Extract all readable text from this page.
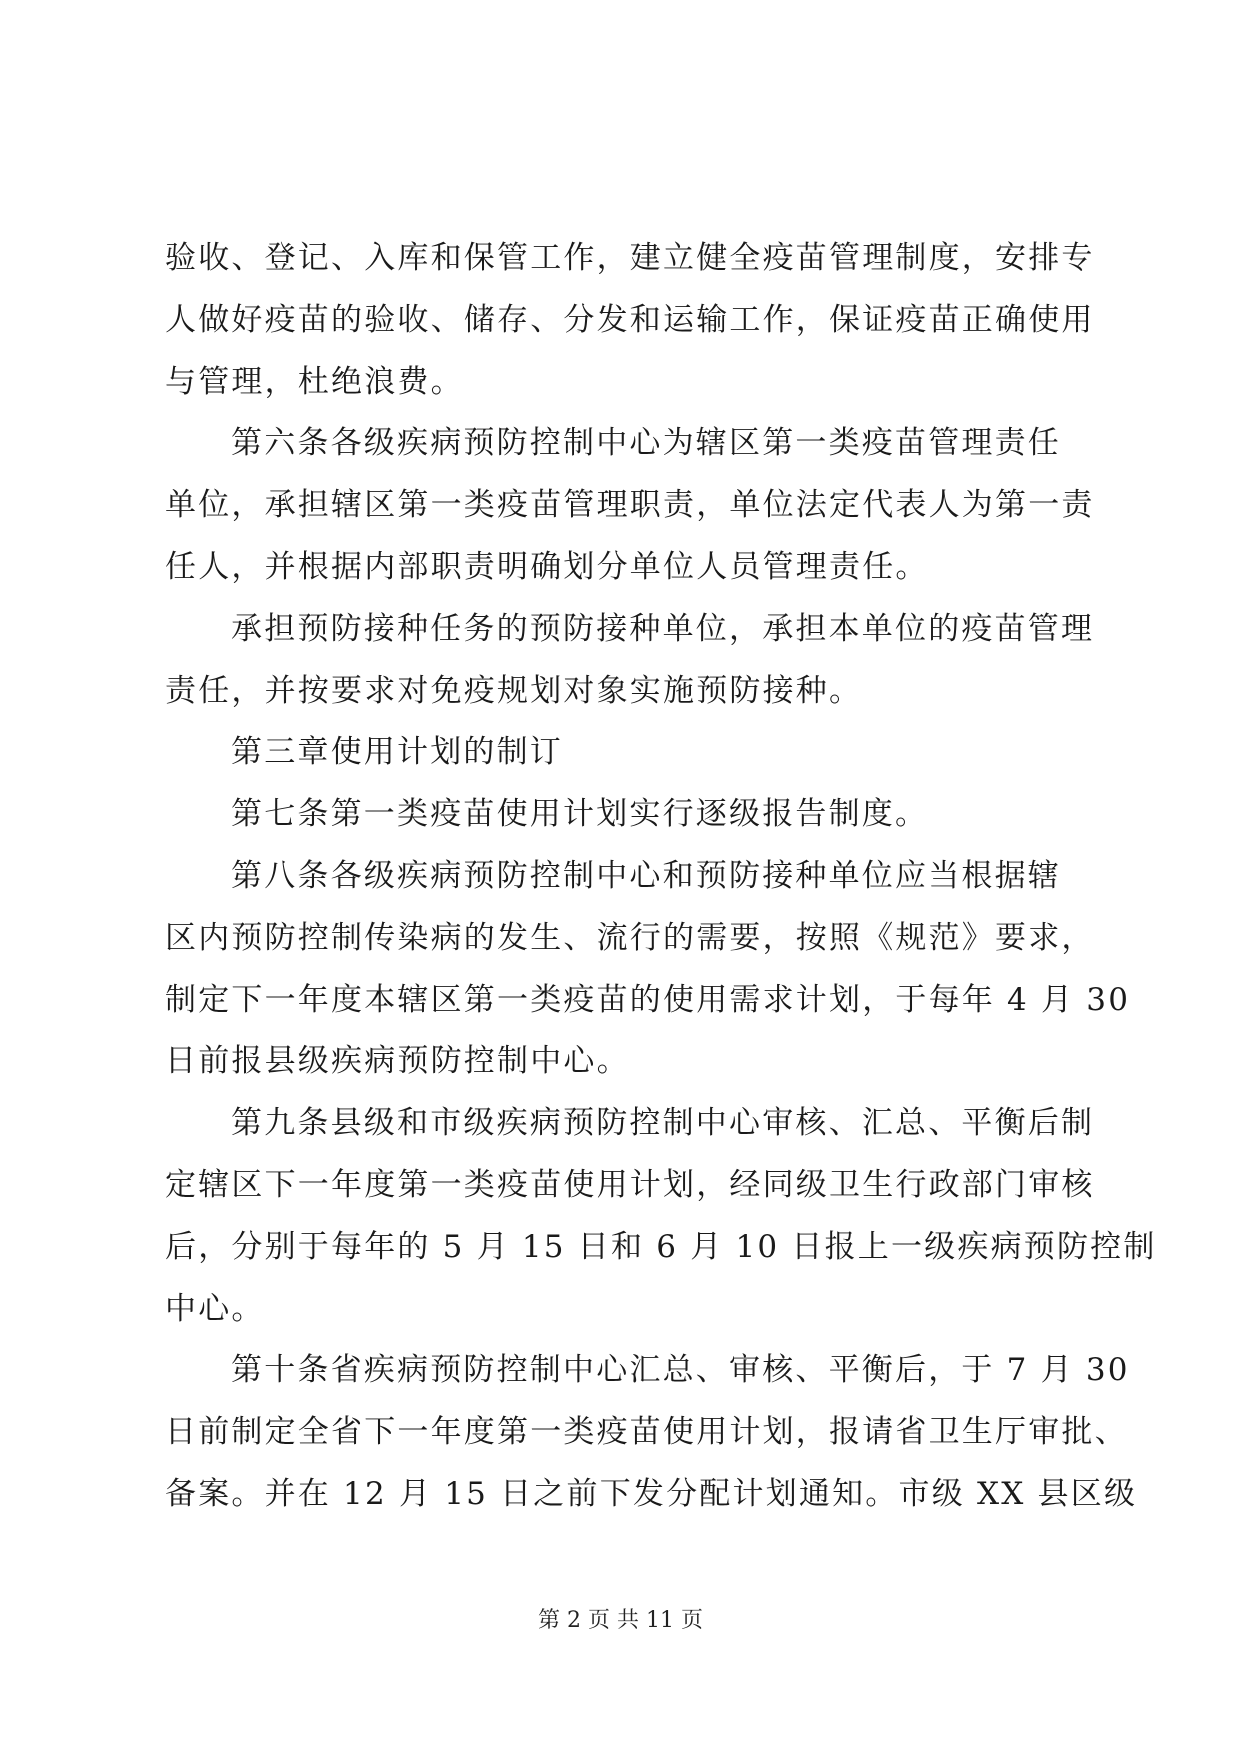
验收、登记、入库和保管工作，建立健全疫苗管理制度，安排专
人做好疫苗的验收、储存、分发和运输工作，保证疫苗正确使用
与管理，杜绝浪费。
第六条各级疾病预防控制中心为辖区第一类疫苗管理责任
单位，承担辖区第一类疫苗管理职责，单位法定代表人为第一责
任人，并根据内部职责明确划分单位人员管理责任。
承担预防接种任务的预防接种单位，承担本单位的疫苗管理
责任，并按要求对免疫规划对象实施预防接种。
第三章使用计划的制订
第七条第一类疫苗使用计划实行逐级报告制度。
第八条各级疾病预防控制中心和预防接种单位应当根据辖
区内预防控制传染病的发生、流行的需要，按照《规范》要求，
制定下一年度本辖区第一类疫苗的使用需求计划，于每年 4 月 30
日前报县级疾病预防控制中心。
第九条县级和市级疾病预防控制中心审核、汇总、平衡后制
定辖区下一年度第一类疫苗使用计划，经同级卫生行政部门审核
后，分别于每年的 5 月 15 日和 6 月 10 日报上一级疾病预防控制
中心。
第十条省疾病预防控制中心汇总、审核、平衡后，于 7 月 30
日前制定全省下一年度第一类疫苗使用计划，报请省卫生厅审批、
备案。并在 12 月 15 日之前下发分配计划通知。市级 XX 县区级
第 2 页 共 11 页
